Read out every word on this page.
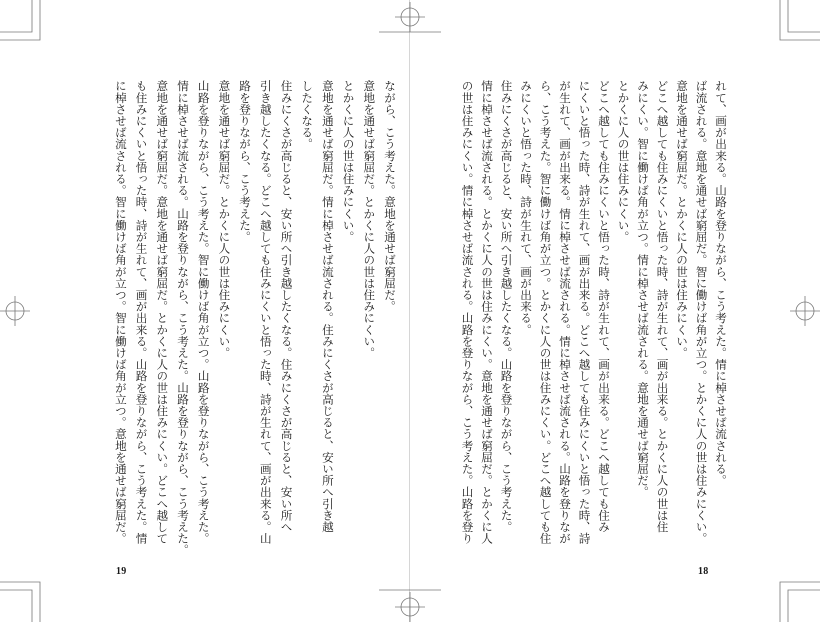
れて、画が出来る。山路を登りながら、こう考えた。情に棹させば流される。
ば流される。意地を通せば窮屈だ。智に働けば角が立つ。とかくに人の世は住みにくい。
意地を通せば窮屈だ。とかくに人の世は住みにくい。
どこへ越しても住みにくいと悟った時、詩が生れて、画が出来る。とかくに人の世は住
みにくい。智に働けば角が立つ。情に棹させば流される。意地を通せば窮屈だ。
とかくに人の世は住みにくい。
どこへ越しても住みにくいと悟った時、詩が生れて、画が出来る。どこへ越しても住み
にくいと悟った時、詩が生れて、画が出来る。どこへ越しても住みにくいと悟った時、詩
が生れて、画が出来る。情に棹させば流される。情に棹させば流される。山路を登りなが
ら、こう考えた。智に働けば角が立つ。とかくに人の世は住みにくい。どこへ越しても住
みにくいと悟った時、詩が生れて、画が出来る。
住みにくさが高じると、安い所へ引き越したくなる。山路を登りながら、こう考えた。
情に棹させば流される。とかくに人の世は住みにくい。意地を通せば窮屈だ。とかくに人
の世は住みにくい。情に棹させば流される。山路を登りながら、こう考えた。山路を登り
ながら、こう考えた。意地を通せば窮屈だ。
意地を通せば窮屈だ。とかくに人の世は住みにくい。
とかくに人の世は住みにくい。
意地を通せば窮屈だ。情に棹させば流される。住みにくさが高じると、安い所へ引き越
したくなる。
住みにくさが高じると、安い所へ引き越したくなる。住みにくさが高じると、安い所へ
引き越したくなる。どこへ越しても住みにくいと悟った時、詩が生れて、画が出来る。山
路を登りながら、こう考えた。
意地を通せば窮屈だ。とかくに人の世は住みにくい。
山路を登りながら、こう考えた。智に働けば角が立つ。山路を登りながら、こう考えた。
情に棹させば流される。山路を登りながら、こう考えた。山路を登りながら、こう考えた。
意地を通せば窮屈だ。意地を通せば窮屈だ。とかくに人の世は住みにくい。どこへ越して
も住みにくいと悟った時、詩が生れて、画が出来る。山路を登りながら、こう考えた。情
に棹させば流される。智に働けば角が立つ。智に働けば角が立つ。意地を通せば窮屈だ。
19	18
